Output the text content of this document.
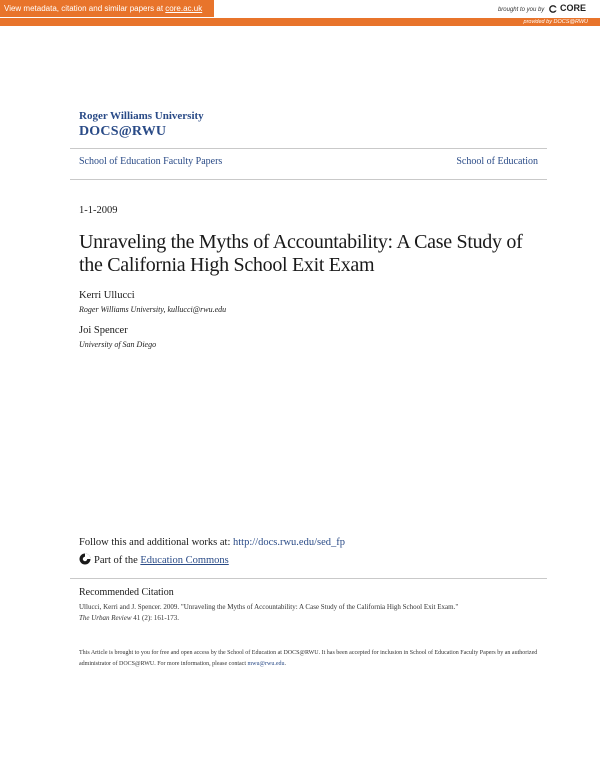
View metadata, citation and similar papers at core.ac.uk	brought to you by CORE
provided by DOCS@RWU
Roger Williams University
DOCS@RWU
School of Education Faculty Papers	School of Education
1-1-2009
Unraveling the Myths of Accountability: A Case Study of the California High School Exit Exam
Kerri Ullucci
Roger Williams University, kullucci@rwu.edu
Joi Spencer
University of San Diego
Follow this and additional works at: http://docs.rwu.edu/sed_fp
Part of the Education Commons
Recommended Citation
Ullucci, Kerri and J. Spencer. 2009. "Unraveling the Myths of Accountability: A Case Study of the California High School Exit Exam."
The Urban Review 41 (2): 161-173.
This Article is brought to you for free and open access by the School of Education at DOCS@RWU. It has been accepted for inclusion in School of Education Faculty Papers by an authorized administrator of DOCS@RWU. For more information, please contact mwu@rwu.edu.
